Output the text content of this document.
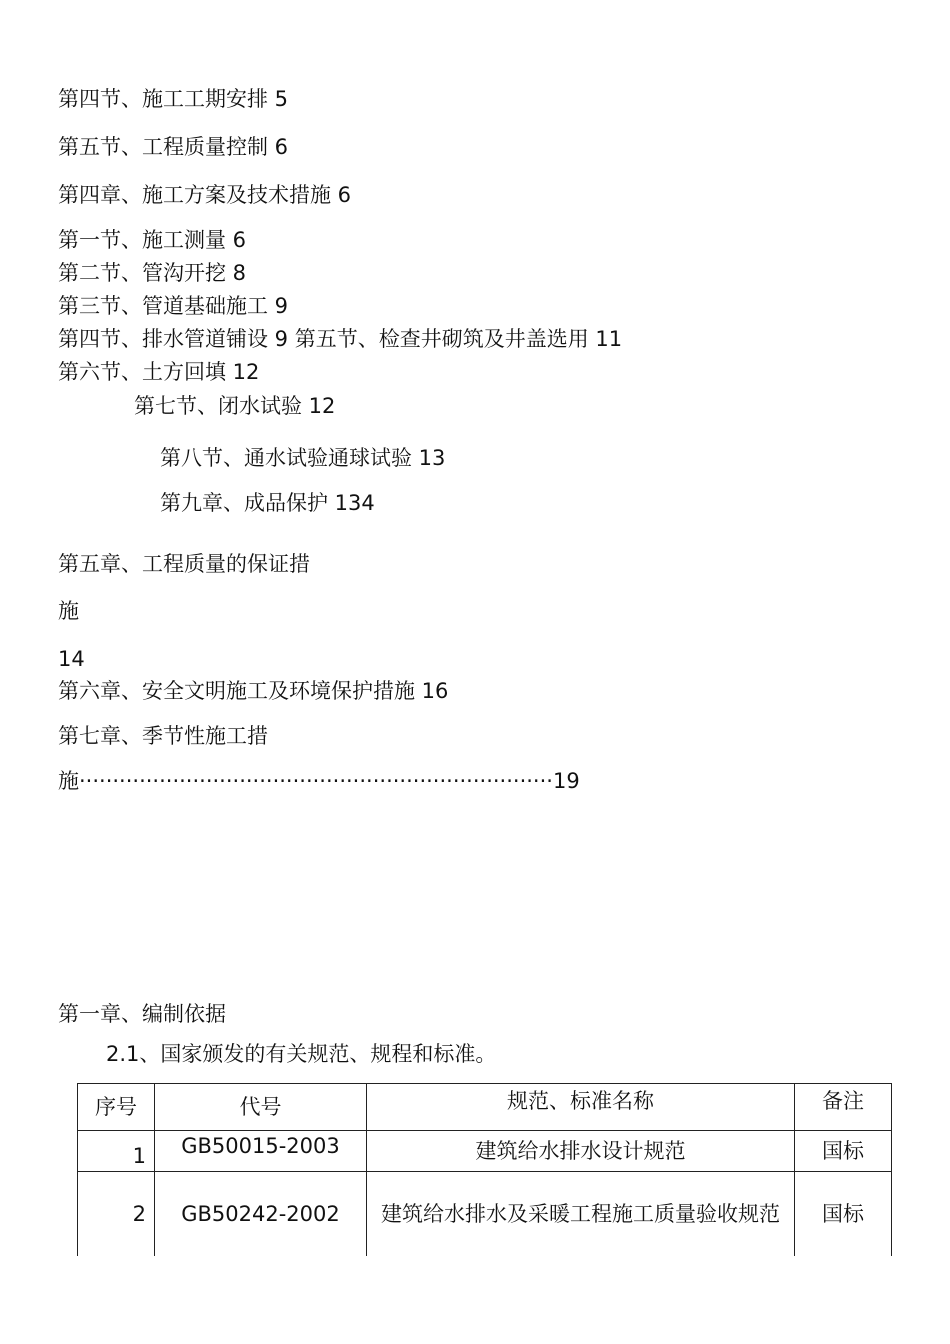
第四节、施工工期安排 5
第五节、工程质量控制 6
第四章、施工方案及技术措施 6
第一节、施工测量 6
第二节、管沟开挖 8
第三节、管道基础施工 9
第四节、排水管道铺设 9 第五节、检查井砌筑及井盖选用 11
第六节、土方回填 12
第七节、闭水试验 12
第八节、通水试验通球试验 13
第九章、成品保护 134
第五章、工程质量的保证措
施
14
第六章、安全文明施工及环境保护措施 16
第七章、季节性施工措
施·······································································19
第一章、编制依据
2.1、国家颁发的有关规范、规程和标准。
序号	代号	规范、标准名称	备注
1	GB50015-2003	建筑给水排水设计规范	国标
2	GB50242-2002	建筑给水排水及采暖工程施工质量验收规范	国标
